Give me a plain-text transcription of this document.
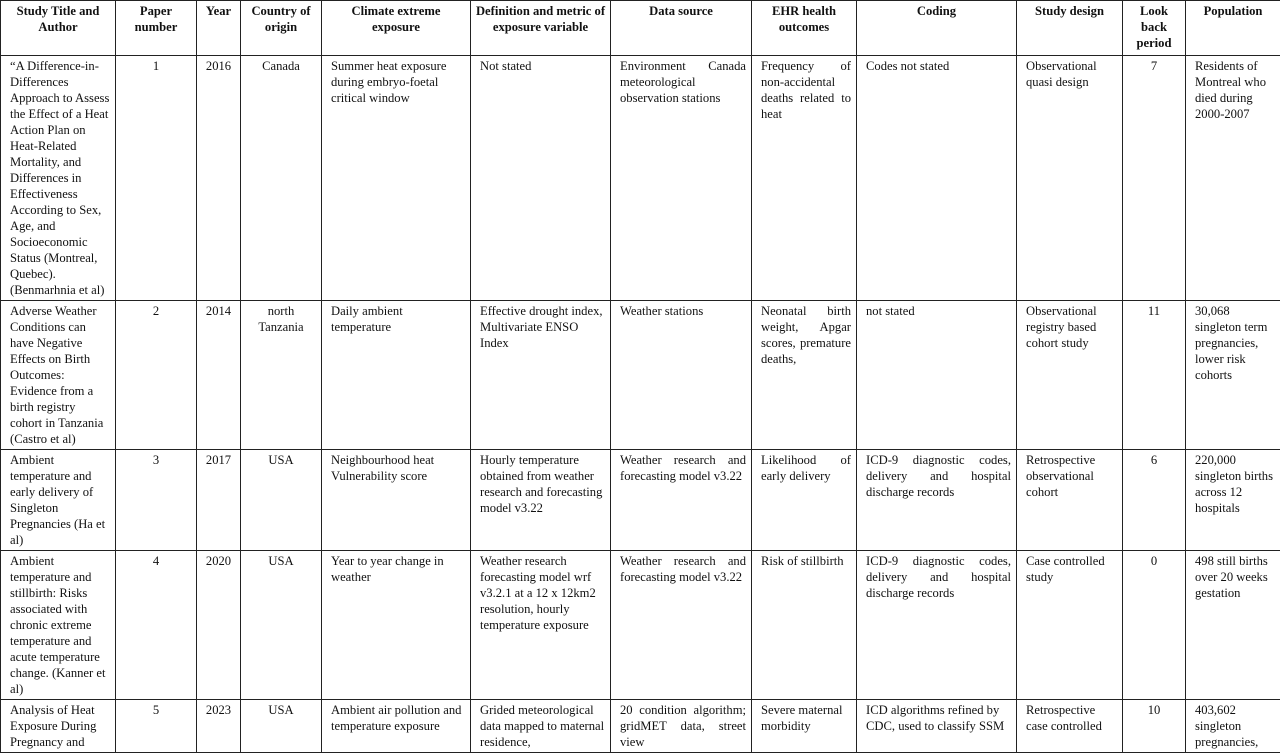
Study Title and Author	Paper number	Year	Country of origin	Climate extreme exposure	Definition and metric of exposure variable	Data source	EHR health outcomes	Coding	Study design	Look back period	Population
“A Difference-in-Differences Approach to Assess the Effect of a Heat Action Plan on Heat-Related Mortality, and Differences in Effectiveness According to Sex, Age, and Socioeconomic Status (Montreal, Quebec). (Benmarhnia et al)	1	2016	Canada	Summer heat exposure during embryo-foetal critical window	Not stated	Environment Canada meteorological observation stations	Frequency of non-accidental deaths related to heat	Codes not stated	Observational quasi design	7	Residents of Montreal who died during 2000-2007
Adverse Weather Conditions can have Negative Effects on Birth Outcomes: Evidence from a birth registry cohort in Tanzania (Castro et al)	2	2014	north Tanzania	Daily ambient temperature	Effective drought index, Multivariate ENSO Index	Weather stations	Neonatal birth weight, Apgar scores, premature deaths,	not stated	Observational registry based cohort study	11	30,068 singleton term pregnancies, lower risk cohorts
Ambient temperature and early delivery of Singleton Pregnancies (Ha et al)	3	2017	USA	Neighbourhood heat Vulnerability score	Hourly temperature obtained from weather research and forecasting model v3.22	Weather research and forecasting model v3.22	Likelihood of early delivery	ICD-9 diagnostic codes, delivery and hospital discharge records	Retrospective observational cohort	6	220,000 singleton births across 12 hospitals
Ambient temperature and stillbirth: Risks associated with chronic extreme temperature and acute temperature change. (Kanner et al)	4	2020	USA	Year to year change in weather	Weather research forecasting model wrf v3.2.1 at a 12 x 12km2 resolution, hourly temperature exposure	Weather research and forecasting model v3.22	Risk of stillbirth	ICD-9 diagnostic codes, delivery and hospital discharge records	Case controlled study	0	498 still births over 20 weeks gestation
Analysis of Heat Exposure During Pregnancy and	5	2023	USA	Ambient air pollution and temperature exposure	Grided meteorological data mapped to maternal residence,	20 condition algorithm; gridMET data, street view	Severe maternal morbidity	ICD algorithms refined by CDC, used to classify SSM	Retrospective case controlled	10	403,602 singleton pregnancies,
